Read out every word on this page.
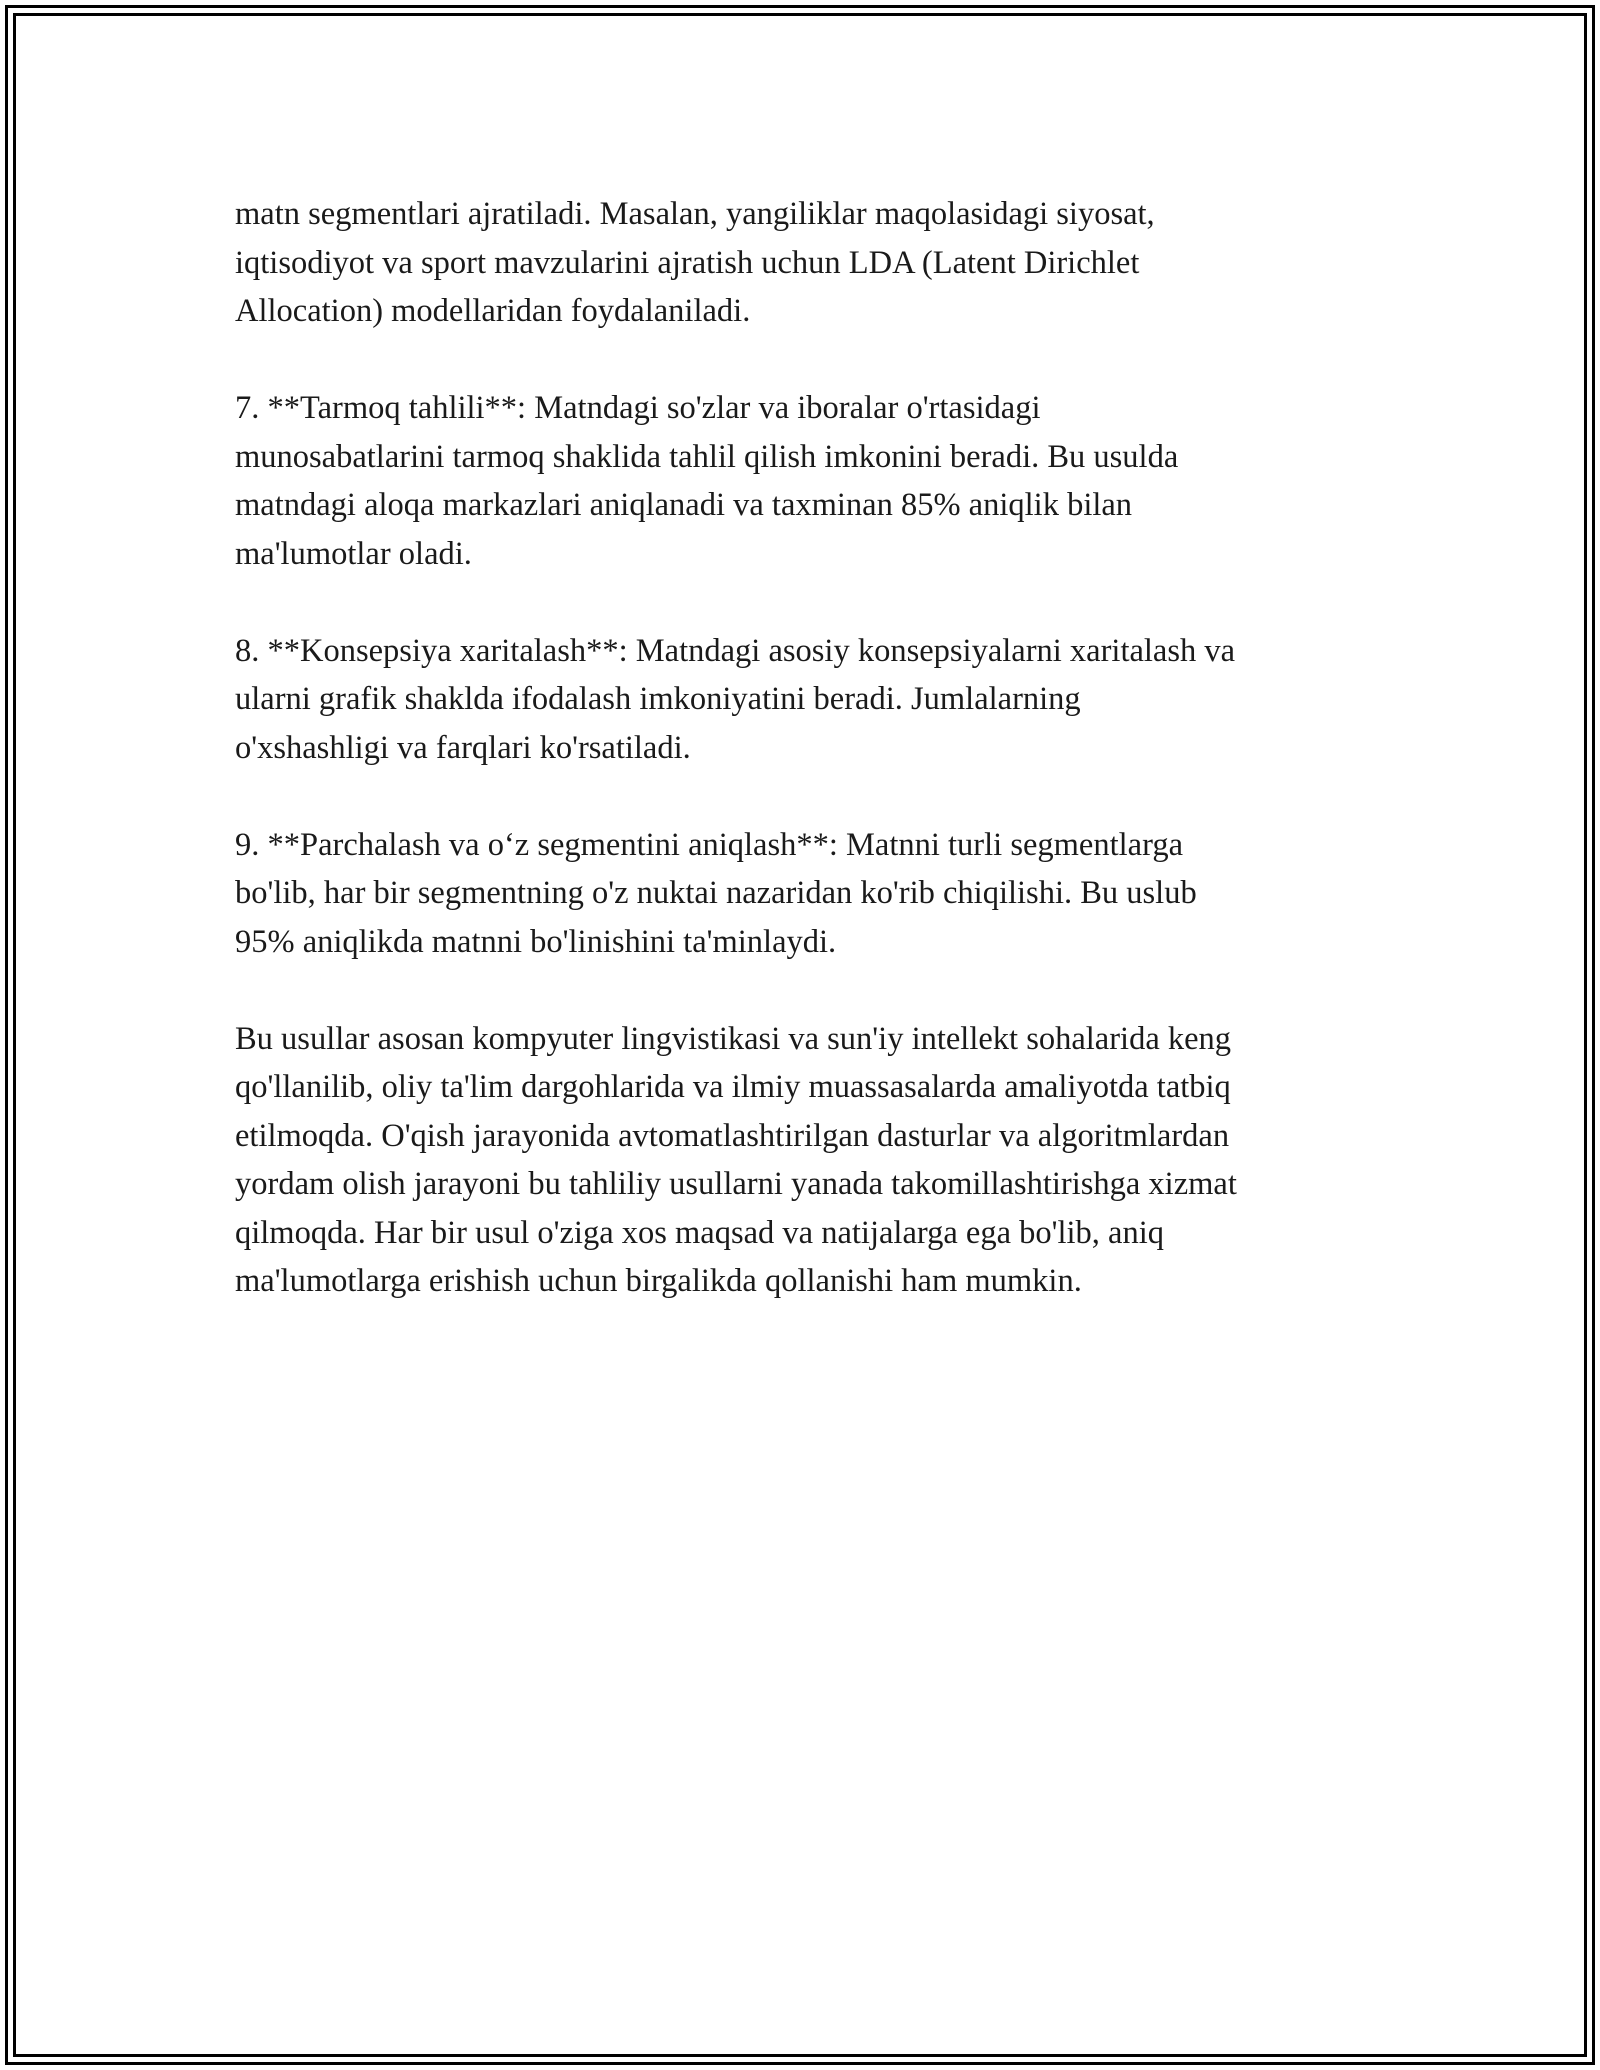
matn segmentlari ajratiladi. Masalan, yangiliklar maqolasidagi siyosat,
iqtisodiyot va sport mavzularini ajratish uchun LDA (Latent Dirichlet
Allocation) modellaridan foydalaniladi.

7. **Tarmoq tahlili**: Matndagi so'zlar va iboralar o'rtasidagi
munosabatlarini tarmoq shaklida tahlil qilish imkonini beradi. Bu usulda
matndagi aloqa markazlari aniqlanadi va taxminan 85% aniqlik bilan
ma'lumotlar oladi.

8. **Konsepsiya xaritalash**: Matndagi asosiy konsepsiyalarni xaritalash va
ularni grafik shaklda ifodalash imkoniyatini beradi. Jumlalarning
o'xshashligi va farqlari ko'rsatiladi.

9. **Parchalash va oʻz segmentini aniqlash**: Matnni turli segmentlarga
bo'lib, har bir segmentning o'z nuktai nazaridan ko'rib chiqilishi. Bu uslub
95% aniqlikda matnni bo'linishini ta'minlaydi.

Bu usullar asosan kompyuter lingvistikasi va sun'iy intellekt sohalarida keng
qo'llanilib, oliy ta'lim dargohlarida va ilmiy muassasalarda amaliyotda tatbiq
etilmoqda. O'qish jarayonida avtomatlashtirilgan dasturlar va algoritmlardan
yordam olish jarayoni bu tahliliy usullarni yanada takomillashtirishga xizmat
qilmoqda. Har bir usul o'ziga xos maqsad va natijalarga ega bo'lib, aniq
ma'lumotlarga erishish uchun birgalikda qollanishi ham mumkin.
